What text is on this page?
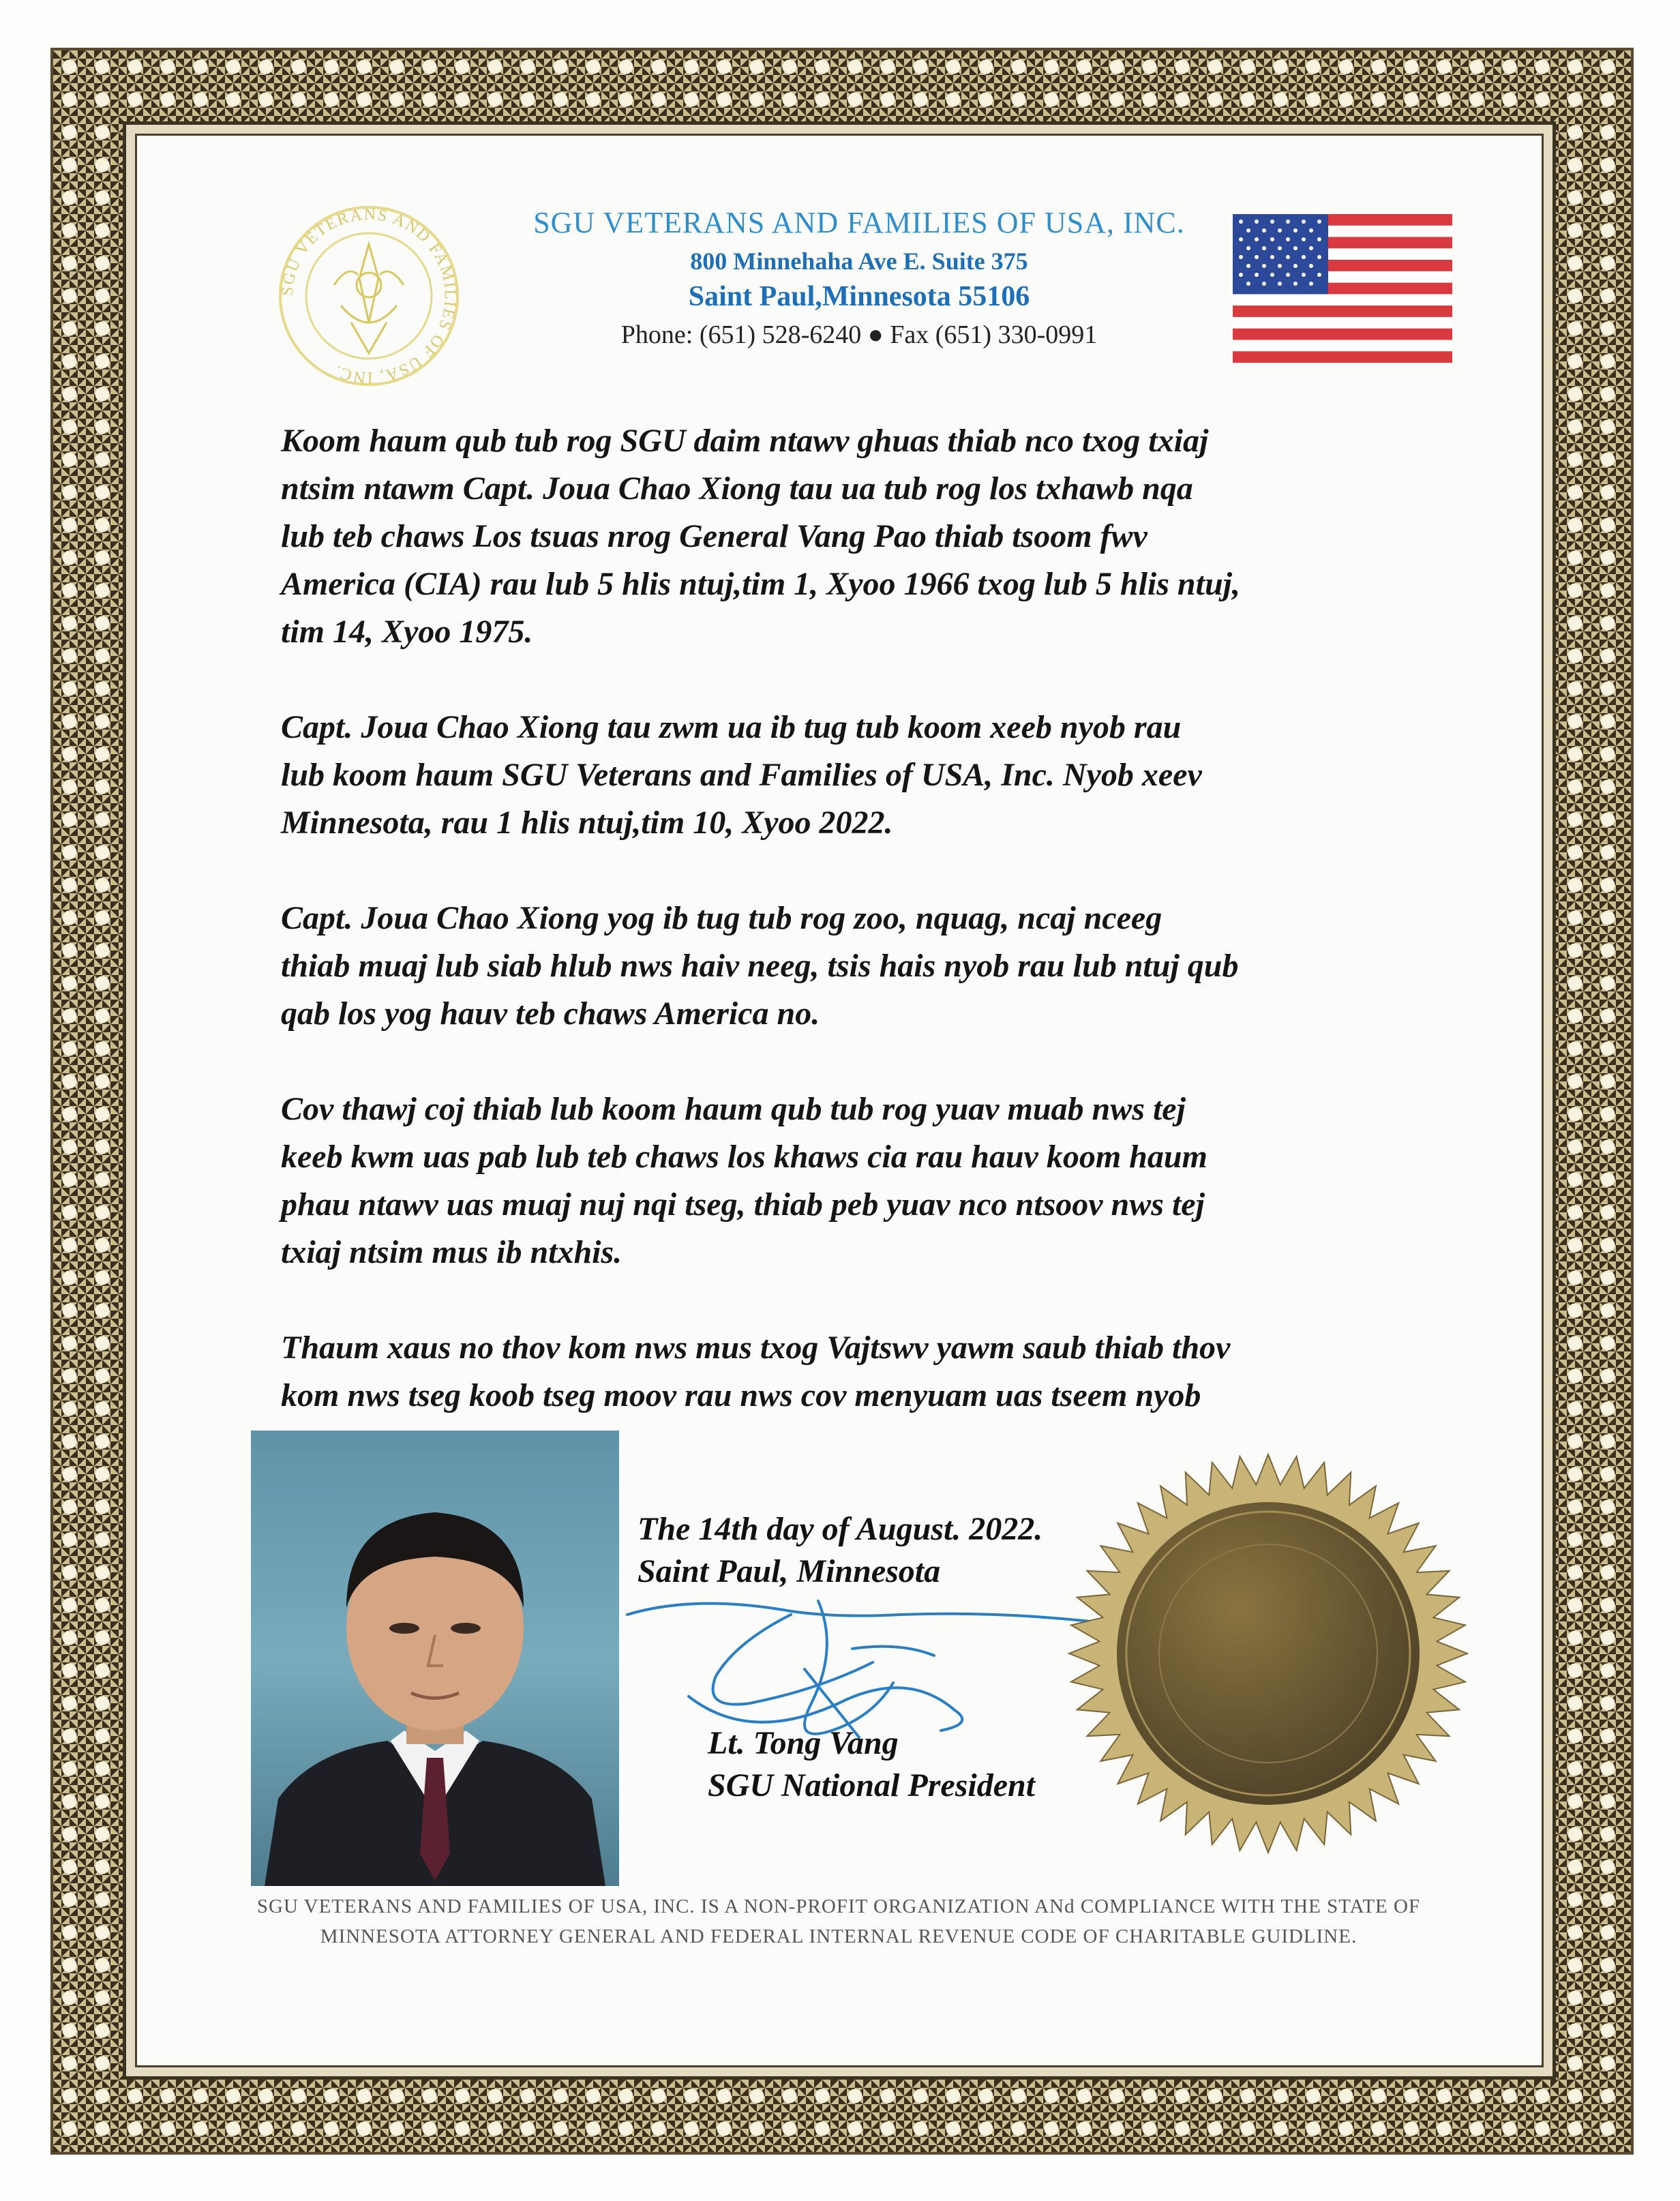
SGU VETERANS AND FAMILIES OF USA, INC.
SGU VETERANS AND FAMILIES OF USA, INC.
800 Minnehaha Ave E. Suite 375
Saint Paul,Minnesota 55106
Phone: (651) 528-6240 ● Fax (651) 330-0991

Koom haum qub tub rog SGU daim ntawv ghuas thiab nco txog txiaj
ntsim ntawm Capt. Joua Chao Xiong tau ua tub rog los txhawb nqa
lub teb chaws Los tsuas nrog General Vang Pao thiab tsoom fwv
America (CIA) rau lub 5 hlis ntuj,tim 1, Xyoo 1966 txog lub 5 hlis ntuj,
tim 14, Xyoo 1975.

Capt. Joua Chao Xiong tau zwm ua ib tug tub koom xeeb nyob rau
lub koom haum SGU Veterans and Families of USA, Inc. Nyob xeev
Minnesota, rau 1 hlis ntuj,tim 10, Xyoo 2022.

Capt. Joua Chao Xiong yog ib tug tub rog zoo, nquag, ncaj nceeg
thiab muaj lub siab hlub nws haiv neeg, tsis hais nyob rau lub ntuj qub
qab los yog hauv teb chaws America no.

Cov thawj coj thiab lub koom haum qub tub rog yuav muab nws tej
keeb kwm uas pab lub teb chaws los khaws cia rau hauv koom haum
phau ntawv uas muaj nuj nqi tseg, thiab peb yuav nco ntsoov nws tej
txiaj ntsim mus ib ntxhis.

Thaum xaus no thov kom nws mus txog Vajtswv yawm saub thiab thov
kom nws tseg koob tseg moov rau nws cov menyuam uas tseem nyob

The 14th day of August. 2022.
Saint Paul, Minnesota
Lt. Tong Vang
SGU National President
SGU VETERANS AND FAMILIES OF USA, INC. IS A NON-PROFIT ORGANIZATION ANd COMPLIANCE WITH THE STATE OF
MINNESOTA ATTORNEY GENERAL AND FEDERAL INTERNAL REVENUE CODE OF CHARITABLE GUIDLINE.
